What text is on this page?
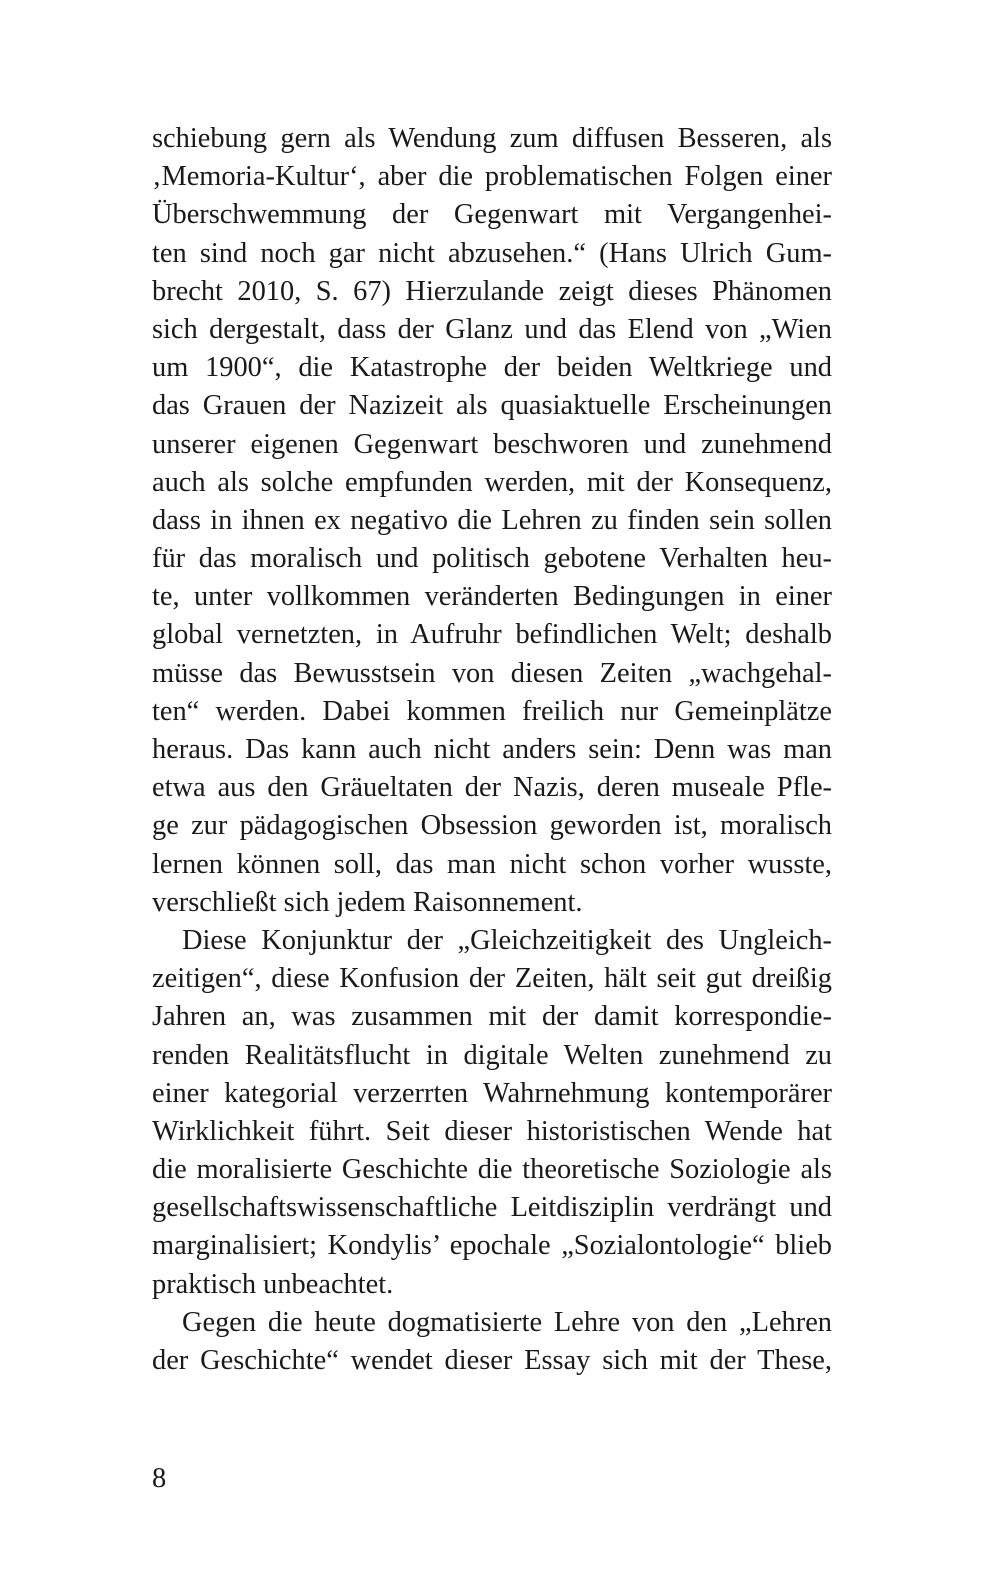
schiebung gern als Wendung zum diffusen Besseren, als
‚Memoria-Kultur‘, aber die problematischen Folgen einer
Überschwemmung der Gegenwart mit Vergangenhei-
ten sind noch gar nicht abzusehen.“ (Hans Ulrich Gum-
brecht 2010, S. 67) Hierzulande zeigt dieses Phänomen
sich dergestalt, dass der Glanz und das Elend von „Wien
um 1900“, die Katastrophe der beiden Weltkriege und
das Grauen der Nazizeit als quasiaktuelle Erscheinungen
unserer eigenen Gegenwart beschworen und zunehmend
auch als solche empfunden werden, mit der Konsequenz,
dass in ihnen ex negativo die Lehren zu finden sein sollen
für das moralisch und politisch gebotene Verhalten heu-
te, unter vollkommen veränderten Bedingungen in einer
global vernetzten, in Aufruhr befindlichen Welt; deshalb
müsse das Bewusstsein von diesen Zeiten „wachgehal-
ten“ werden. Dabei kommen freilich nur Gemeinplätze
heraus. Das kann auch nicht anders sein: Denn was man
etwa aus den Gräueltaten der Nazis, deren museale Pfle-
ge zur pädagogischen Obsession geworden ist, moralisch
lernen können soll, das man nicht schon vorher wusste,
verschließt sich jedem Raisonnement.
Diese Konjunktur der „Gleichzeitigkeit des Ungleich-
zeitigen“, diese Konfusion der Zeiten, hält seit gut dreißig
Jahren an, was zusammen mit der damit korrespondie-
renden Realitätsflucht in digitale Welten zunehmend zu
einer kategorial verzerrten Wahrnehmung kontemporärer
Wirklichkeit führt. Seit dieser historistischen Wende hat
die moralisierte Geschichte die theoretische Soziologie als
gesellschaftswissenschaftliche Leitdisziplin verdrängt und
marginalisiert; Kondylis’ epochale „Sozialontologie“ blieb
praktisch unbeachtet.
Gegen die heute dogmatisierte Lehre von den „Lehren
der Geschichte“ wendet dieser Essay sich mit der These,
8
